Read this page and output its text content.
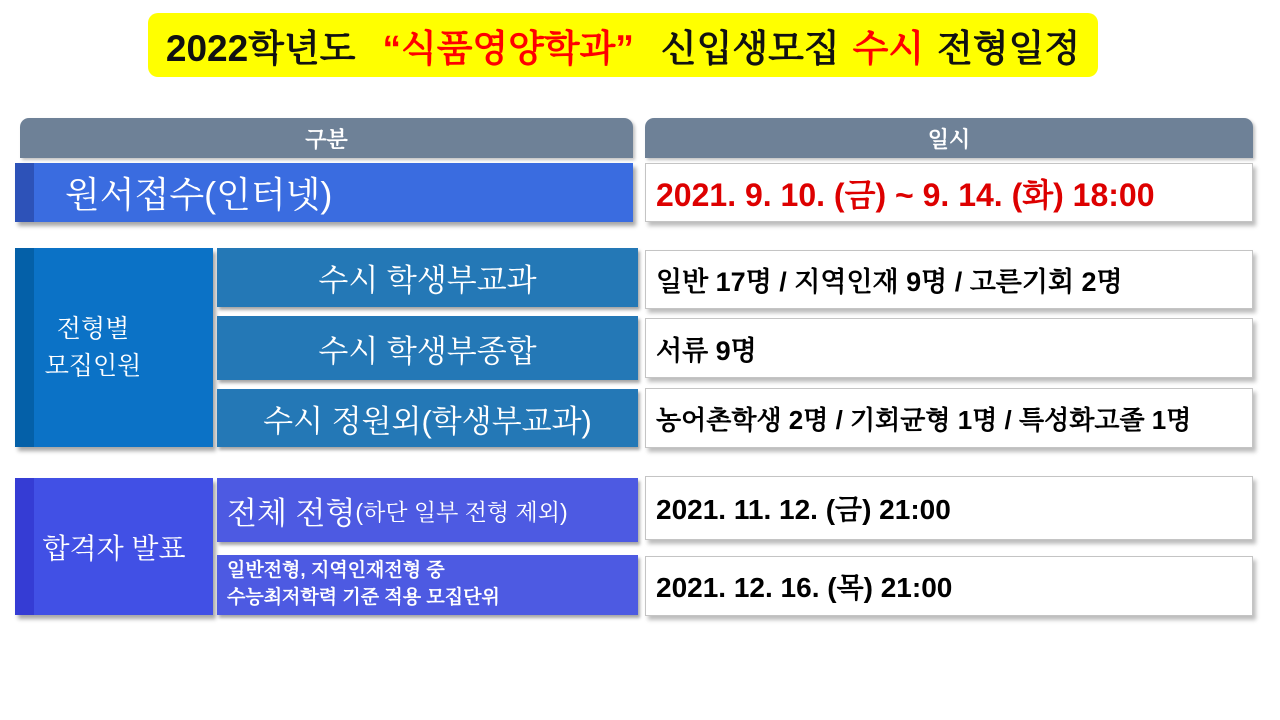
2022학년도 “식품영양학과” 신입생모집 수시 전형일정
구분	일시
원서접수(인터넷)	2021. 9. 10. (금) ~ 9. 14. (화) 18:00
전형별
모집인원
수시 학생부교과
수시 학생부종합
수시 정원외(학생부교과)
일반 17명 / 지역인재 9명 / 고른기회 2명
서류 9명
농어촌학생 2명 / 기회균형 1명 / 특성화고졸 1명
합격자 발표
전체 전형 (하단 일부 전형 제외)
일반전형, 지역인재전형 중
수능최저학력 기준 적용 모집단위
2021. 11. 12. (금) 21:00
2021. 12. 16. (목) 21:00
